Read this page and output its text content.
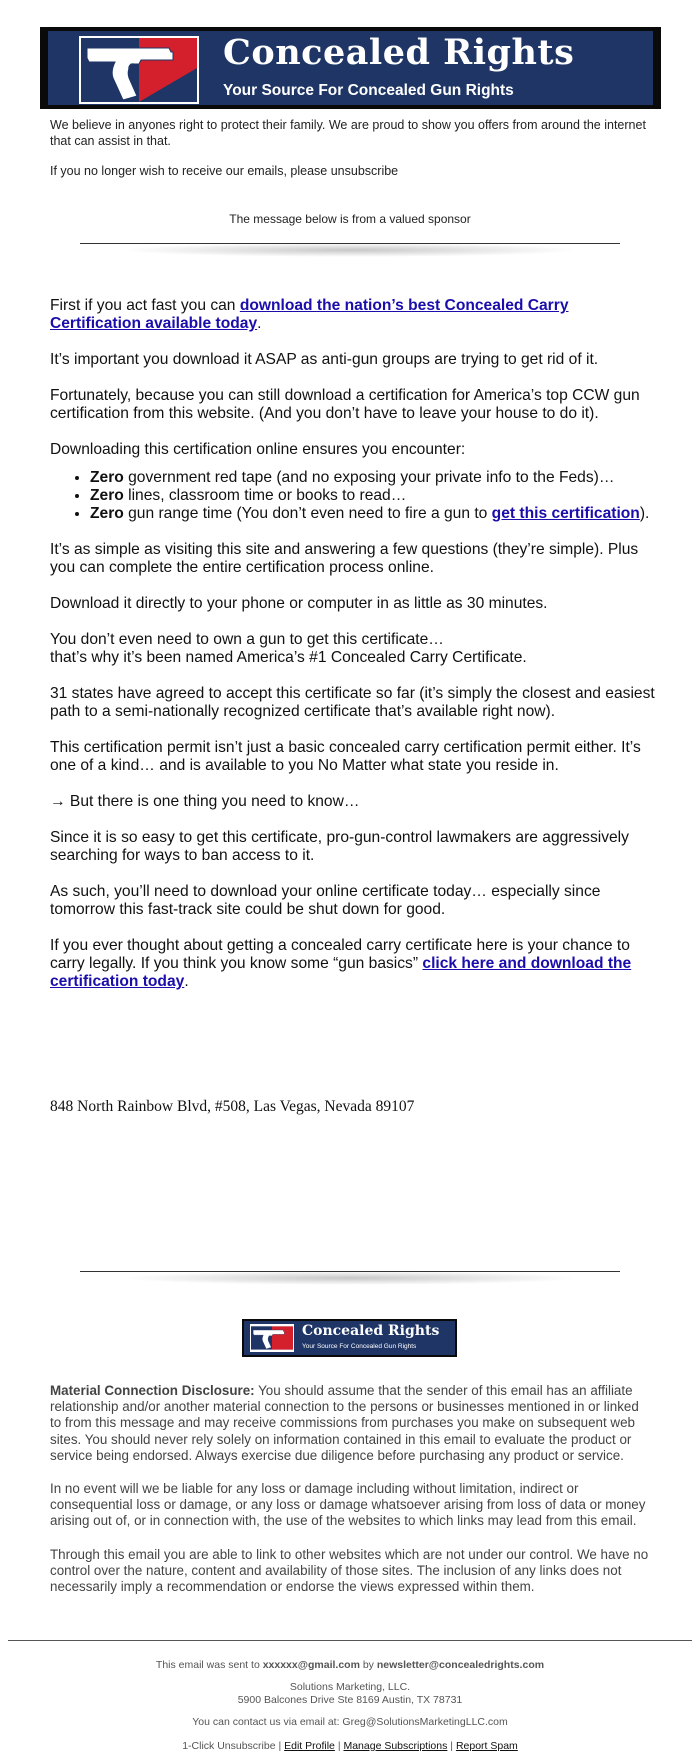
Concealed Rights

Your Source For Concealed Gun Rights

We believe in anyones right to protect their family. We are proud to show you offers from around the internet that can assist in that.

If you no longer wish to receive our emails, please unsubscribe
The message below is from a valued sponsor

First if you act fast you can download the nation’s best Concealed Carry Certification available today.

It’s important you download it ASAP as anti-gun groups are trying to get rid of it.

Fortunately, because you can still download a certification for America’s top CCW gun certification from this website. (And you don’t have to leave your house to do it).

Downloading this certification online ensures you encounter:

• Zero government red tape (and no exposing your private info to the Feds)…
• Zero lines, classroom time or books to read…
• Zero gun range time (You don’t even need to fire a gun to get this certification).

It’s as simple as visiting this site and answering a few questions (they’re simple). Plus you can complete the entire certification process online.

Download it directly to your phone or computer in as little as 30 minutes.

You don’t even need to own a gun to get this certificate…
that’s why it’s been named America’s #1 Concealed Carry Certificate.

31 states have agreed to accept this certificate so far (it’s simply the closest and easiest path to a semi-nationally recognized certificate that’s available right now).

This certification permit isn’t just a basic concealed carry certification permit either. It’s one of a kind… and is available to you No Matter what state you reside in.

→ But there is one thing you need to know…

Since it is so easy to get this certificate, pro-gun-control lawmakers are aggressively searching for ways to ban access to it.

As such, you’ll need to download your online certificate today… especially since tomorrow this fast-track site could be shut down for good.

If you ever thought about getting a concealed carry certificate here is your chance to carry legally. If you think you know some “gun basics” click here and download the certification today.

848 North Rainbow Blvd, #508, Las Vegas, Nevada 89107

Concealed Rights

Your Source For Concealed Gun Rights

Material Connection Disclosure: You should assume that the sender of this email has an affiliate relationship and/or another material connection to the persons or businesses mentioned in or linked to from this message and may receive commissions from purchases you make on subsequent web sites. You should never rely solely on information contained in this email to evaluate the product or service being endorsed. Always exercise due diligence before purchasing any product or service.

In no event will we be liable for any loss or damage including without limitation, indirect or consequential loss or damage, or any loss or damage whatsoever arising from loss of data or money arising out of, or in connection with, the use of the websites to which links may lead from this email.

Through this email you are able to link to other websites which are not under our control. We have no control over the nature, content and availability of those sites. The inclusion of any links does not necessarily imply a recommendation or endorse the views expressed within them.

This email was sent to xxxxxx@gmail.com by newsletter@concealedrights.com

Solutions Marketing, LLC.

5900 Balcones Drive Ste 8169 Austin, TX 78731

You can contact us via email at: Greg@SolutionsMarketingLLC.com

1-Click Unsubscribe | Edit Profile | Manage Subscriptions | Report Spam
